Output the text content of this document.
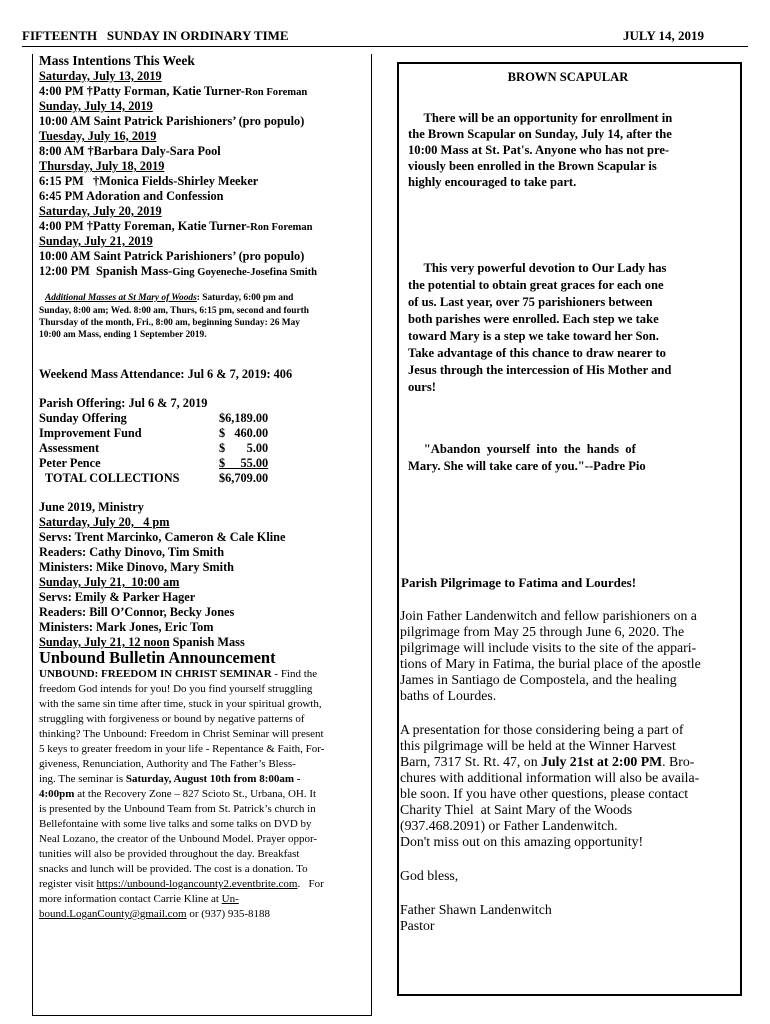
FIFTEENTH   SUNDAY IN ORDINARY TIME	JULY 14, 2019
Mass Intentions This Week
Saturday, July 13, 2019
4:00 PM †Patty Forman, Katie Turner-Ron Foreman
Sunday, July 14, 2019
10:00 AM Saint Patrick Parishioners’ (pro populo)
Tuesday, July 16, 2019
8:00 AM †Barbara Daly-Sara Pool
Thursday, July 18, 2019
6:15 PM   †Monica Fields-Shirley Meeker
6:45 PM Adoration and Confession
Saturday, July 20, 2019
4:00 PM †Patty Foreman, Katie Turner-Ron Foreman
Sunday, July 21, 2019
10:00 AM Saint Patrick Parishioners’ (pro populo)
12:00 PM  Spanish Mass-Ging Goyeneche-Josefina Smith
Additional Masses at St Mary of Woods: Saturday, 6:00 pm and
Sunday, 8:00 am; Wed. 8:00 am, Thurs, 6:15 pm, second and fourth
Thursday of the month, Fri., 8:00 am, beginning Sunday: 26 May
10:00 am Mass, ending 1 September 2019.
Weekend Mass Attendance: Jul 6 & 7, 2019: 406
Parish Offering: Jul 6 & 7, 2019
Sunday Offering	$6,189.00
Improvement Fund	$   460.00
Assessment	$       5.00
Peter Pence	$     55.00
TOTAL COLLECTIONS	$6,709.00
June 2019, Ministry
Saturday, July 20,   4 pm
Servs: Trent Marcinko, Cameron & Cale Kline
Readers: Cathy Dinovo, Tim Smith
Ministers: Mike Dinovo, Mary Smith
Sunday, July 21,  10:00 am
Servs: Emily & Parker Hager
Readers: Bill O’Connor, Becky Jones
Ministers: Mark Jones, Eric Tom
Sunday, July 21, 12 noon Spanish Mass
Unbound Bulletin Announcement
UNBOUND: FREEDOM IN CHRIST SEMINAR - Find the
freedom God intends for you! Do you find yourself struggling
with the same sin time after time, stuck in your spiritual growth,
struggling with forgiveness or bound by negative patterns of
thinking? The Unbound: Freedom in Christ Seminar will present
5 keys to greater freedom in your life - Repentance & Faith, For-
giveness, Renunciation, Authority and The Father’s Bless-
ing. The seminar is Saturday, August 10th from 8:00am -
4:00pm at the Recovery Zone – 827 Scioto St., Urbana, OH. It
is presented by the Unbound Team from St. Patrick’s church in
Bellefontaine with some live talks and some talks on DVD by
Neal Lozano, the creator of the Unbound Model. Prayer oppor-
tunities will also be provided throughout the day. Breakfast
snacks and lunch will be provided. The cost is a donation. To
register visit https://unbound-logancounty2.eventbrite.com.   For
more information contact Carrie Kline at Un-
bound.LoganCounty@gmail.com or (937) 935-8188
BROWN SCAPULAR
There will be an opportunity for enrollment in
the Brown Scapular on Sunday, July 14, after the
10:00 Mass at St. Pat's. Anyone who has not pre-
viously been enrolled in the Brown Scapular is
highly encouraged to take part.
This very powerful devotion to Our Lady has
the potential to obtain great graces for each one
of us. Last year, over 75 parishioners between
both parishes were enrolled. Each step we take
toward Mary is a step we take toward her Son.
Take advantage of this chance to draw nearer to
Jesus through the intercession of His Mother and
ours!
"Abandon  yourself  into  the  hands  of
Mary. She will take care of you."--Padre Pio
Parish Pilgrimage to Fatima and Lourdes!
Join Father Landenwitch and fellow parishioners on a
pilgrimage from May 25 through June 6, 2020. The
pilgrimage will include visits to the site of the appari-
tions of Mary in Fatima, the burial place of the apostle
James in Santiago de Compostela, and the healing
baths of Lourdes.
A presentation for those considering being a part of
this pilgrimage will be held at the Winner Harvest
Barn, 7317 St. Rt. 47, on July 21st at 2:00 PM. Bro-
chures with additional information will also be availa-
ble soon. If you have other questions, please contact
Charity Thiel  at Saint Mary of the Woods
(937.468.2091) or Father Landenwitch.
Don't miss out on this amazing opportunity!
God bless,
Father Shawn Landenwitch
Pastor
